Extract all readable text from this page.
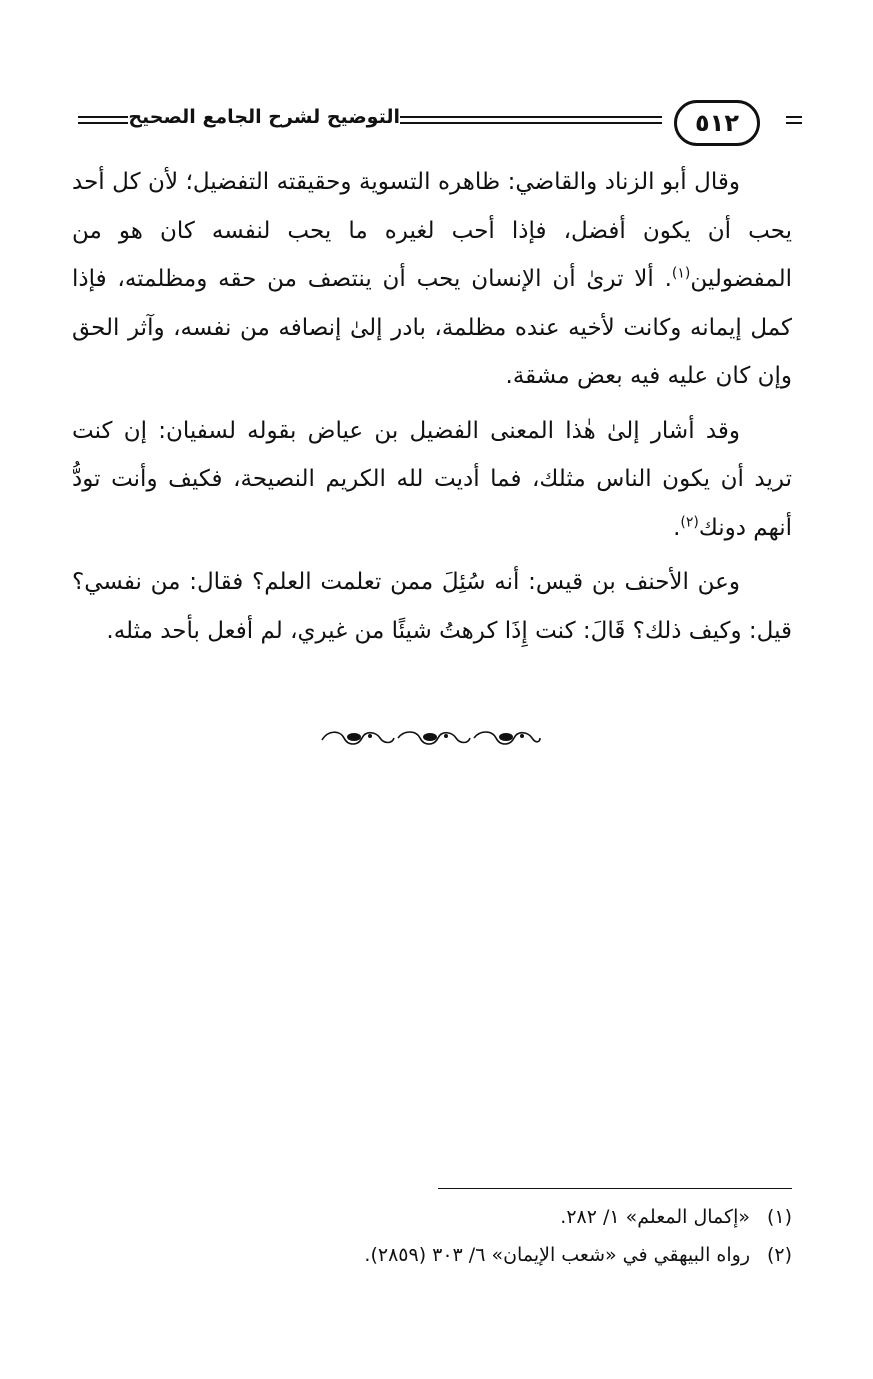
التوضيح لشرح الجامع الصحيح	٥١٢

وقال أبو الزناد والقاضي: ظاهره التسوية وحقيقته التفضيل؛ لأن كل أحد يحب أن يكون أفضل، فإذا أحب لغيره ما يحب لنفسه كان هو من المفضولين$^{(١)}$. ألا ترىٰ أن الإنسان يحب أن ينتصف من حقه ومظلمته، فإذا كمل إيمانه وكانت لأخيه عنده مظلمة، بادر إلىٰ إنصافه من نفسه، وآثر الحق وإن كان عليه فيه بعض مشقة.

وقد أشار إلىٰ هٰذا المعنى الفضيل بن عياض بقوله لسفيان: إن كنت تريد أن يكون الناس مثلك، فما أديت لله الكريم النصيحة، فكيف وأنت تودُّ أنهم دونك$^{(٢)}$.

وعن الأحنف بن قيس: أنه سُئِلَ ممن تعلمت العلم؟ فقال: من نفسي؟ قيل: وكيف ذلك؟ قَالَ: كنت إِذَا كرهتُ شيئًا من غيري، لم أفعل بأحد مثله.

(١)
«إكمال المعلم» ١/ ٢٨٢.
(٢)
رواه البيهقي في «شعب الإيمان» ٦/ ٣٠٣ (٢٨٥٩).
